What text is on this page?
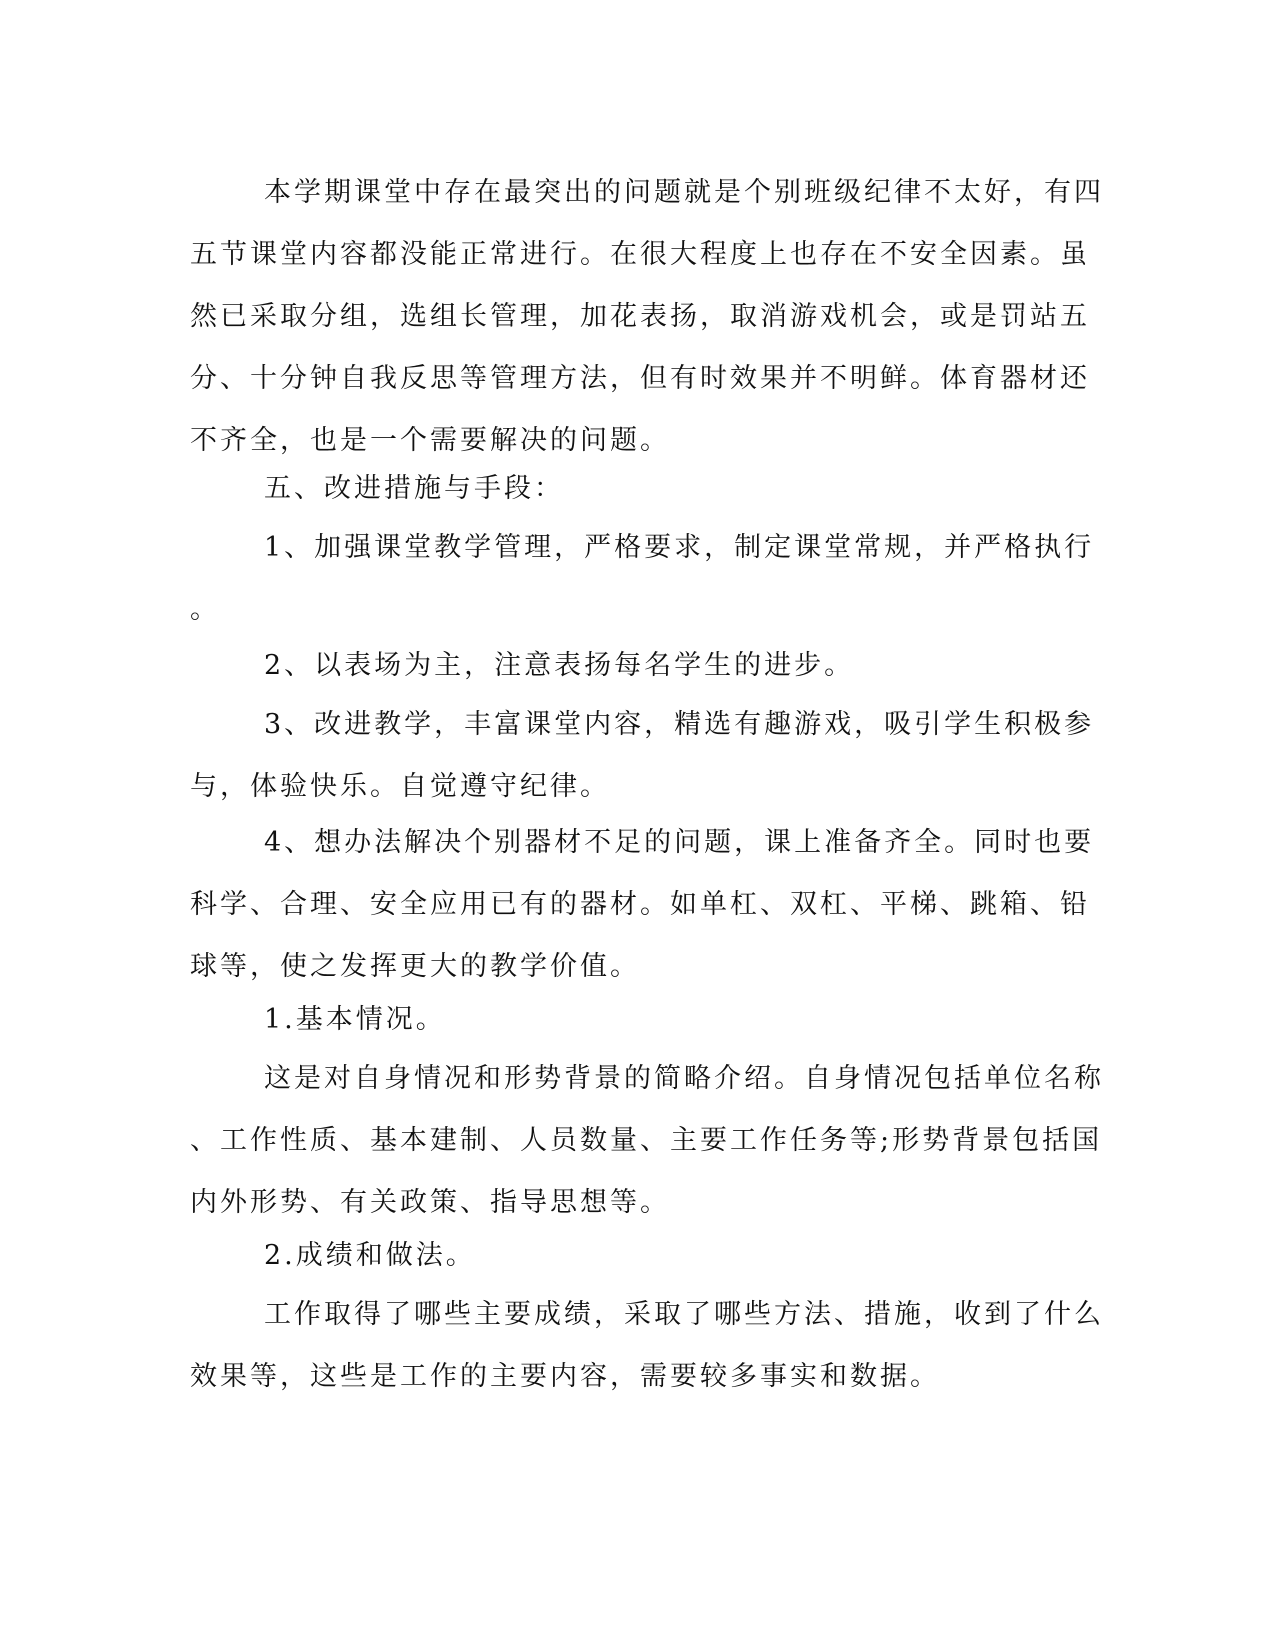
本学期课堂中存在最突出的问题就是个别班级纪律不太好，有四
五节课堂内容都没能正常进行。在很大程度上也存在不安全因素。虽
然已采取分组，选组长管理，加花表扬，取消游戏机会，或是罚站五
分、十分钟自我反思等管理方法，但有时效果并不明鲜。体育器材还
不齐全，也是一个需要解决的问题。
五、改进措施与手段：
1、加强课堂教学管理，严格要求，制定课堂常规，并严格执行
。
2、以表场为主，注意表扬每名学生的进步。
3、改进教学，丰富课堂内容，精选有趣游戏，吸引学生积极参
与，体验快乐。自觉遵守纪律。
4、想办法解决个别器材不足的问题，课上准备齐全。同时也要
科学、合理、安全应用已有的器材。如单杠、双杠、平梯、跳箱、铅
球等，使之发挥更大的教学价值。
1.基本情况。
这是对自身情况和形势背景的简略介绍。自身情况包括单位名称
、工作性质、基本建制、人员数量、主要工作任务等;形势背景包括国
内外形势、有关政策、指导思想等。
2.成绩和做法。
工作取得了哪些主要成绩，采取了哪些方法、措施，收到了什么
效果等，这些是工作的主要内容，需要较多事实和数据。
